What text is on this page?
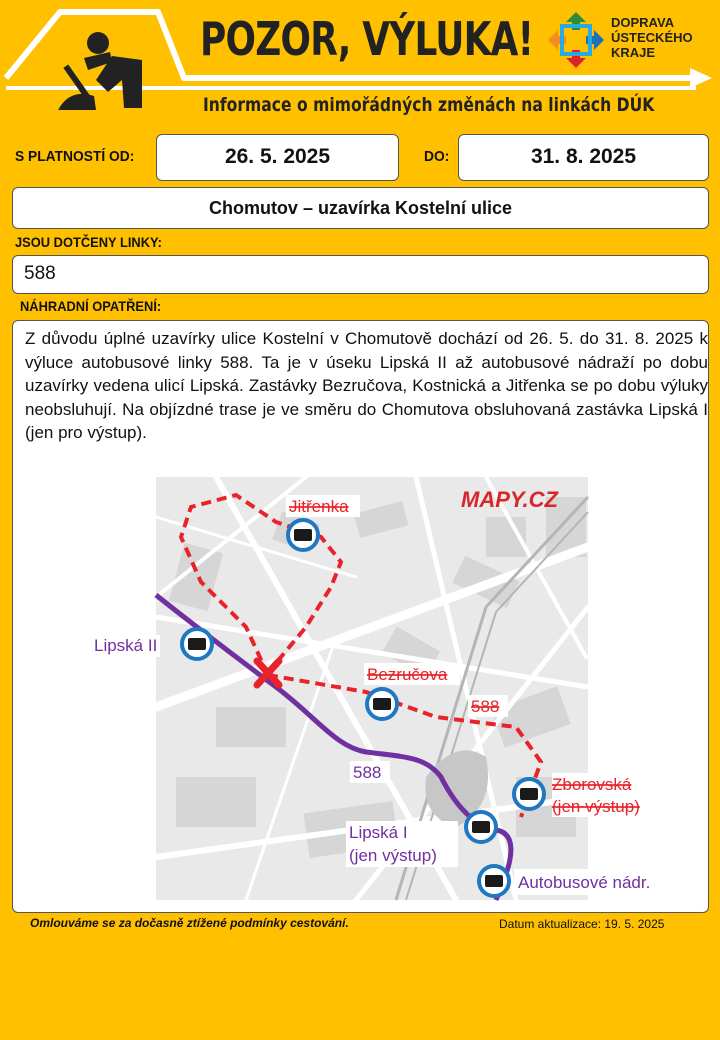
POZOR, VÝLUKA!
Informace o mimořádných změnách na linkách DÚK
DOPRAVA
ÚSTECKÉHO
KRAJE
S PLATNOSTÍ OD:	26. 5. 2025	DO:	31. 8. 2025
Chomutov – uzavírka Kostelní ulice
JSOU DOTČENY LINKY:
588
NÁHRADNÍ OPATŘENÍ:
Z důvodu úplné uzavírky ulice Kostelní v Chomutově dochází od 26. 5. do 31. 8. 2025 k výluce autobusové linky 588. Ta je v úseku Lipská II až autobusové nádraží po dobu uzavírky vedena ulicí Lipská. Zastávky Bezručova, Kostnická a Jitřenka se po dobu výluky neobsluhují. Na objízdné trase je ve směru do Chomutova obsluhovaná zastávka Lipská I (jen pro výstup).
MAPY.CZ
Jitřenka
Bezručova
588
Zborovská
(jen výstup)
588
Lipská I
(jen výstup)
Autobusové nádr.
Lipská II
Omlouváme se za dočasně ztížené podmínky cestování.	Datum aktualizace: 19. 5. 2025
